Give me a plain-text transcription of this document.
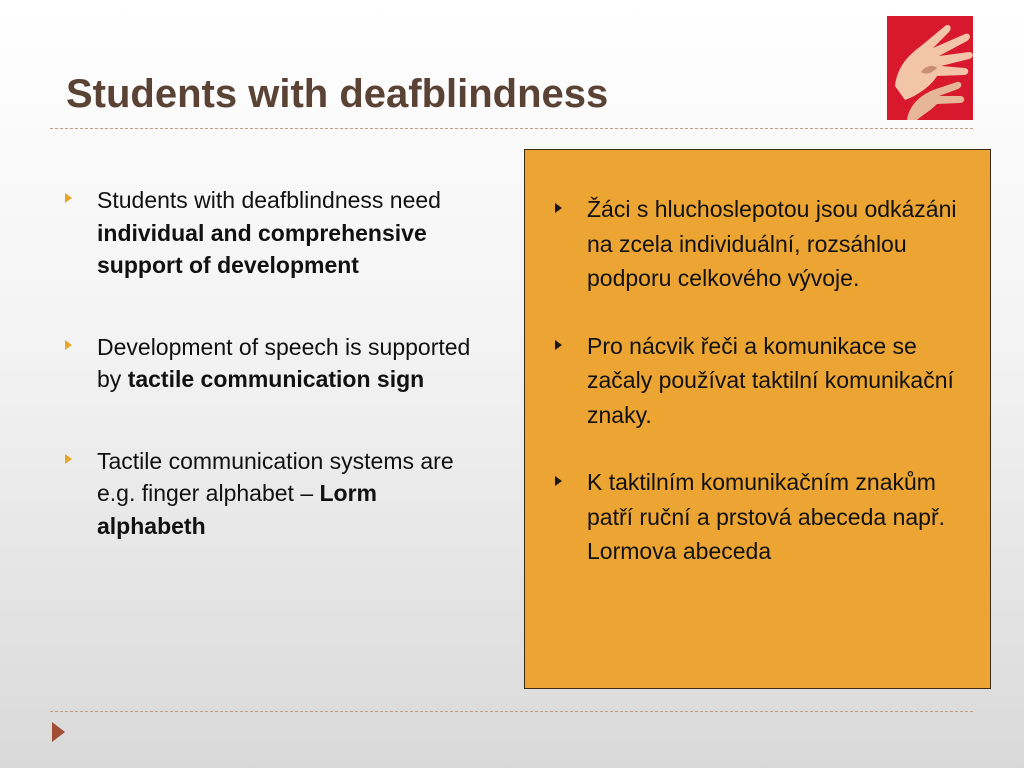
Students with deafblindness
Students with deafblindness need individual and comprehensive support of development
Development of speech is supported by tactile communication sign
Tactile communication systems are e.g. finger alphabet – Lorm alphabeth
Žáci s hluchoslepotou jsou odkázáni na zcela individuální, rozsáhlou podporu celkového vývoje.
Pro nácvik řeči a komunikace se začaly používat taktilní komunikační znaky.
K taktilním komunikačním znakům patří ruční a prstová abeceda např. Lormova abeceda
